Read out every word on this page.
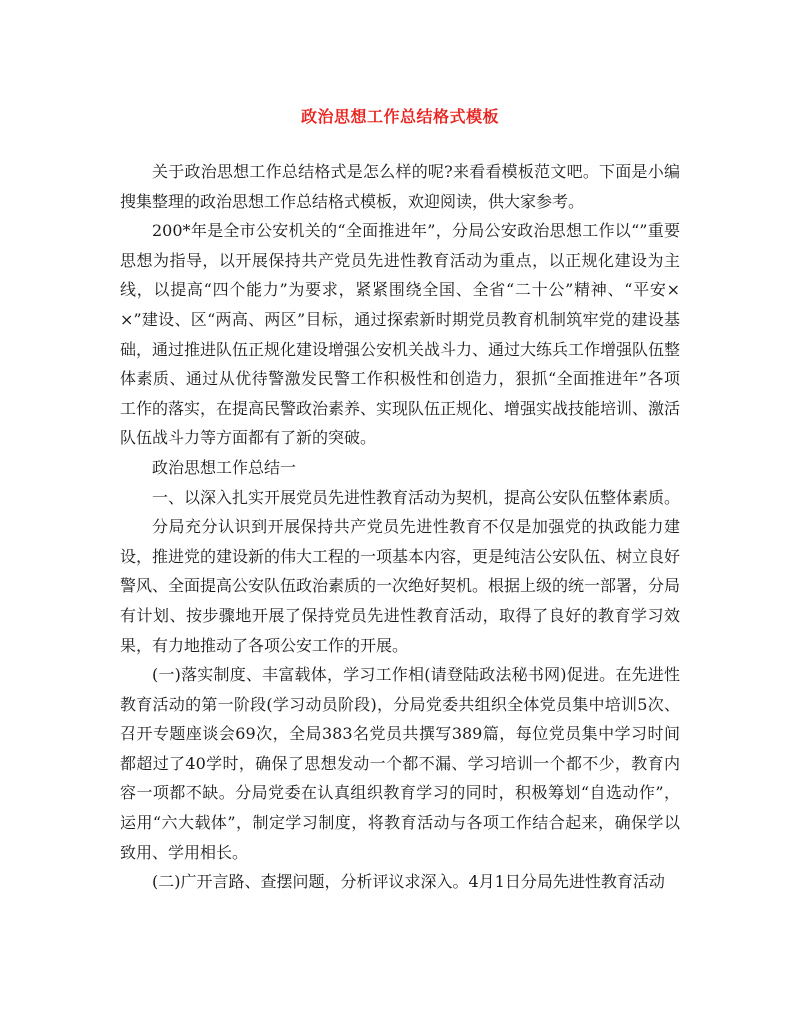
政治思想工作总结格式模板

关于政治思想工作总结格式是怎么样的呢?来看看模板范文吧。下面是小编搜集整理的政治思想工作总结格式模板，欢迎阅读，供大家参考。

200*年是全市公安机关的“全面推进年”，分局公安政治思想工作以“”重要思想为指导，以开展保持共产党员先进性教育活动为重点，以正规化建设为主线，以提高“四个能力”为要求，紧紧围绕全国、全省“二十公”精神、“平安××”建设、区“两高、两区”目标，通过探索新时期党员教育机制筑牢党的建设基础，通过推进队伍正规化建设增强公安机关战斗力、通过大练兵工作增强队伍整体素质、通过从优待警激发民警工作积极性和创造力，狠抓“全面推进年”各项工作的落实，在提高民警政治素养、实现队伍正规化、增强实战技能培训、激活队伍战斗力等方面都有了新的突破。

政治思想工作总结一

一、以深入扎实开展党员先进性教育活动为契机，提高公安队伍整体素质。

分局充分认识到开展保持共产党员先进性教育不仅是加强党的执政能力建设，推进党的建设新的伟大工程的一项基本内容，更是纯洁公安队伍、树立良好警风、全面提高公安队伍政治素质的一次绝好契机。根据上级的统一部署，分局有计划、按步骤地开展了保持党员先进性教育活动，取得了良好的教育学习效果，有力地推动了各项公安工作的开展。

(一)落实制度、丰富载体，学习工作相(请登陆政法秘书网)促进。在先进性教育活动的第一阶段(学习动员阶段)，分局党委共组织全体党员集中培训5次、召开专题座谈会69次，全局383名党员共撰写389篇，每位党员集中学习时间都超过了40学时，确保了思想发动一个都不漏、学习培训一个都不少，教育内容一项都不缺。分局党委在认真组织教育学习的同时，积极筹划“自选动作”，运用“六大载体”，制定学习制度，将教育活动与各项工作结合起来，确保学以致用、学用相长。

(二)广开言路、查摆问题，分析评议求深入。4月1日分局先进性教育活动
